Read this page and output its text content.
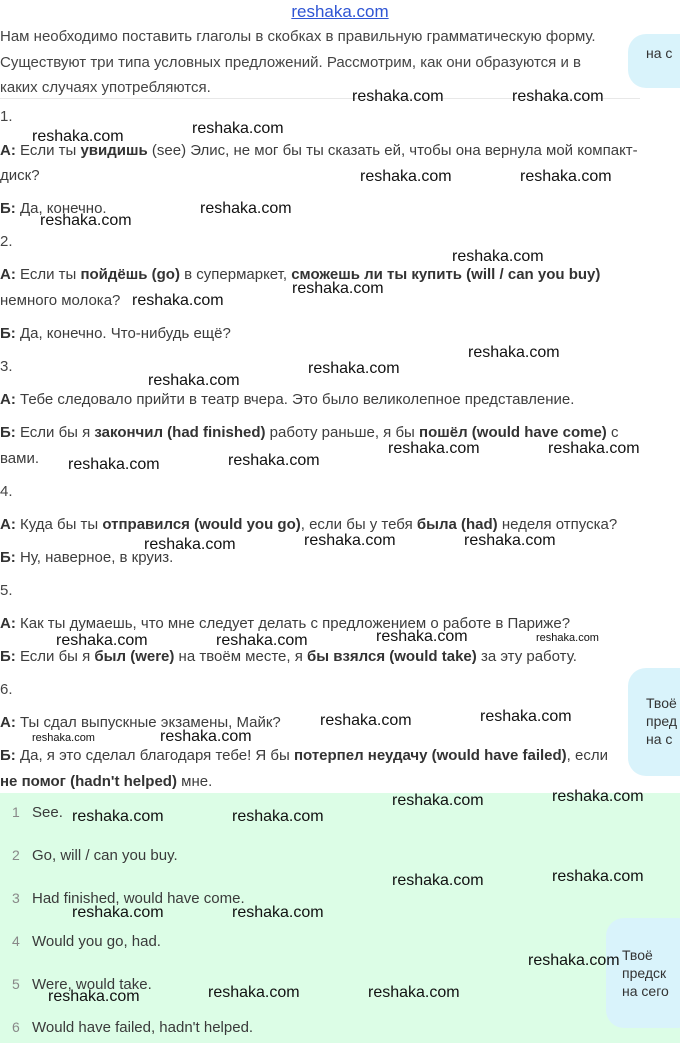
reshaka.com
Нам необходимо поставить глаголы в скобках в правильную грамматическую форму.
Существуют три типа условных предложений. Рассмотрим, как они образуются и в
каких случаях употребляются.
на с
1.
А: Если ты увидишь (see) Элис, не мог бы ты сказать ей, чтобы она вернула мой компакт-
диск?
Б: Да, конечно.
2.
А: Если ты пойдёшь (go) в супермаркет, сможешь ли ты купить (will / can you buy)
немного молока?
Б: Да, конечно. Что-нибудь ещё?
3.
А: Тебе следовало прийти в театр вчера. Это было великолепное представление.
Б: Если бы я закончил (had finished) работу раньше, я бы пошёл (would have come) с
вами.
4.
А: Куда бы ты отправился (would you go), если бы у тебя была (had) неделя отпуска?
Б: Ну, наверное, в круиз.
5.
А: Как ты думаешь, что мне следует делать с предложением о работе в Париже?
Б: Если бы я был (were) на твоём месте, я бы взялся (would take) за эту работу.
6.
А: Ты сдал выпускные экзамены, Майк?
Б: Да, я это сделал благодаря тебе! Я бы потерпел неудачу (would have failed), если
не помог (hadn't helped) мне.
Твоё
пред
на с
1 See.
2 Go, will / can you buy.
3 Had finished, would have come.
4 Would you go, had.
5 Were, would take.
6 Would have failed, hadn't helped.
Твоё
предск
на сего
reshaka.com	reshaka.com
reshaka.com	reshaka.com
reshaka.com	reshaka.com
reshaka.com
reshaka.com
reshaka.com
reshaka.com
reshaka.com
reshaka.com
reshaka.com
reshaka.com
reshaka.com	reshaka.com
reshaka.com
reshaka.com
reshaka.com	reshaka.com
reshaka.com
reshaka.com	reshaka.com
reshaka.com	reshaka.com
reshaka.com	reshaka.com
reshaka.com	reshaka.com
reshaka.com	reshaka.com
reshaka.com	reshaka.com
reshaka.com	reshaka.com
reshaka.com	reshaka.com
reshaka.com
reshaka.com	reshaka.com	reshaka.com
